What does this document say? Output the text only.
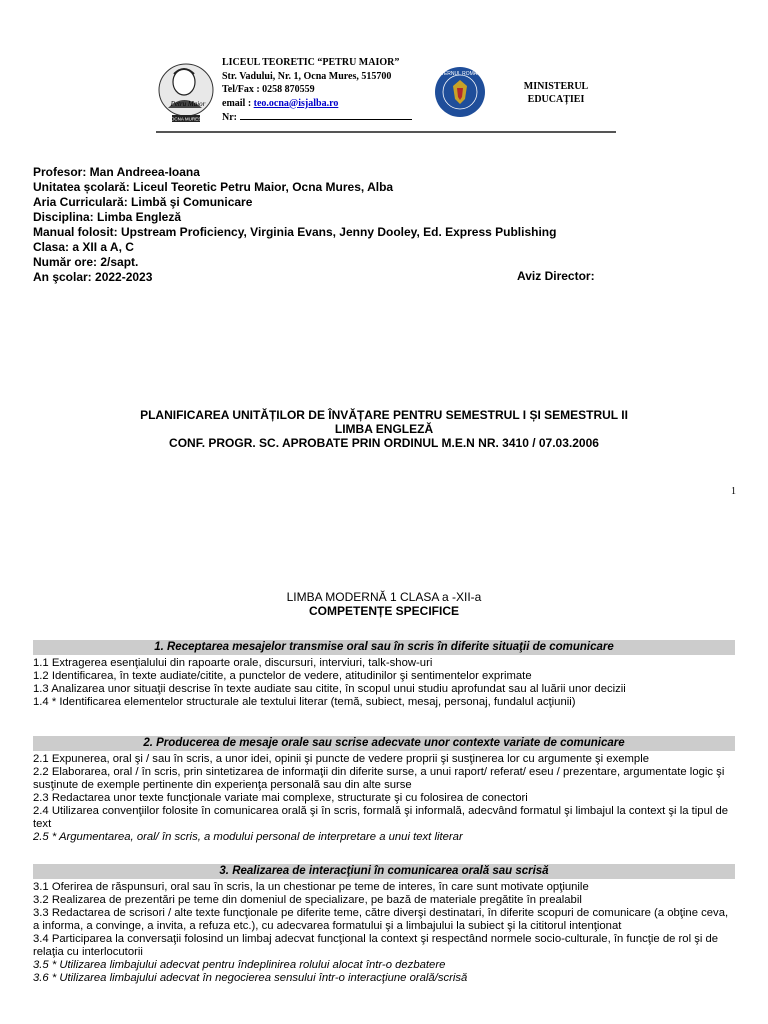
Petru Maior
OCNA MURES
LICEUL TEORETIC “PETRU MAIOR”
Str. Vadului, Nr. 1, Ocna Mures, 515700
Tel/Fax : 0258 870559
email : teo.ocna@isjalba.ro
Nr:
GUVERNUL ROMÂNIEI
MINISTERUL
EDUCAȚIEI
Profesor: Man Andreea-Ioana
Unitatea școlară: Liceul Teoretic Petru Maior, Ocna Mures, Alba
Aria Curriculară: Limbă şi Comunicare
Disciplina: Limba Engleză
Manual folosit: Upstream Proficiency, Virginia Evans, Jenny Dooley, Ed. Express Publishing
Clasa: a XII a A, C
Număr ore: 2/sapt.
An şcolar: 2022-2023	Aviz Director:
PLANIFICAREA UNITĂȚILOR DE ÎNVĂȚARE PENTRU SEMESTRUL I ȘI SEMESTRUL II
LIMBA ENGLEZĂ
CONF. PROGR. SC. APROBATE PRIN ORDINUL M.E.N NR. 3410 / 07.03.2006
1
LIMBA MODERNĂ 1 CLASA a -XII-a
COMPETENȚE SPECIFICE
1. Receptarea mesajelor transmise oral sau în scris în diferite situaţii de comunicare
1.1 Extragerea esenţialului din rapoarte orale, discursuri, interviuri, talk-show-uri
1.2 Identificarea, în texte audiate/citite, a punctelor de vedere, atitudinilor şi sentimentelor exprimate
1.3 Analizarea unor situaţii descrise în texte audiate sau citite, în scopul unui studiu aprofundat sau al luării unor decizii
1.4 * Identificarea elementelor structurale ale textului literar (temă, subiect, mesaj, personaj, fundalul acţiunii)
2. Producerea de mesaje orale sau scrise adecvate unor contexte variate de comunicare
2.1 Expunerea, oral şi / sau în scris, a unor idei, opinii şi puncte de vedere proprii şi susţinerea lor cu argumente şi exemple
2.2 Elaborarea, oral / în scris, prin sintetizarea de informaţii din diferite surse, a unui raport/ referat/ eseu / prezentare, argumentate logic şi susţinute de exemple pertinente din experienţa personală sau din alte surse
2.3 Redactarea unor texte funcţionale variate mai complexe, structurate şi cu folosirea de conectori
2.4 Utilizarea convenţiilor folosite în comunicarea orală şi în scris, formală şi informală, adecvând formatul şi limbajul la context şi la tipul de text
2.5 * Argumentarea, oral/ în scris, a modului personal de interpretare a unui text literar
3. Realizarea de interacţiuni în comunicarea orală sau scrisă
3.1 Oferirea de răspunsuri, oral sau în scris, la un chestionar pe teme de interes, în care sunt motivate opţiunile
3.2 Realizarea de prezentări pe teme din domeniul de specializare, pe bază de materiale pregătite în prealabil
3.3 Redactarea de scrisori / alte texte funcţionale pe diferite teme, către diverşi destinatari, în diferite scopuri de comunicare (a obţine ceva, a informa, a convinge, a invita, a refuza etc.), cu adecvarea formatului şi a limbajului la subiect şi la cititorul intenţionat
3.4 Participarea la conversaţii folosind un limbaj adecvat funcţional la context şi respectând normele socio-culturale, în funcţie de rol şi de relaţia cu interlocutorii
3.5 * Utilizarea limbajului adecvat pentru îndeplinirea rolului alocat într-o dezbatere
3.6 * Utilizarea limbajului adecvat în negocierea sensului într-o interacţiune orală/scrisă
